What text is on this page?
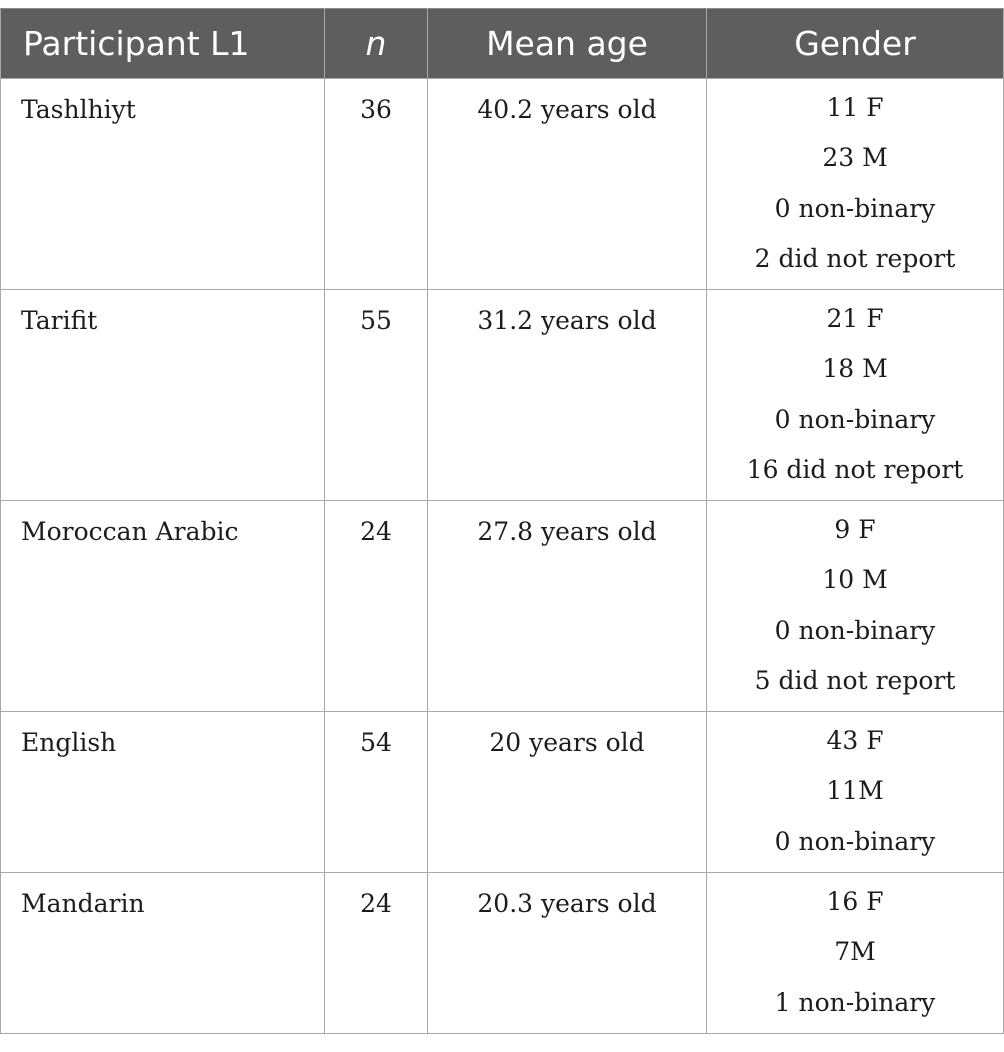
Participant L1	n	Mean age	Gender
Tashlhiyt	36	40.2 years old	11 F
23 M
0 non-binary
2 did not report

Tarifit	55	31.2 years old	21 F
18 M
0 non-binary
16 did not report

Moroccan Arabic	24	27.8 years old	9 F
10 M
0 non-binary
5 did not report

English	54	20 years old	43 F
11M
0 non-binary

Mandarin	24	20.3 years old	16 F
7M
1 non-binary
